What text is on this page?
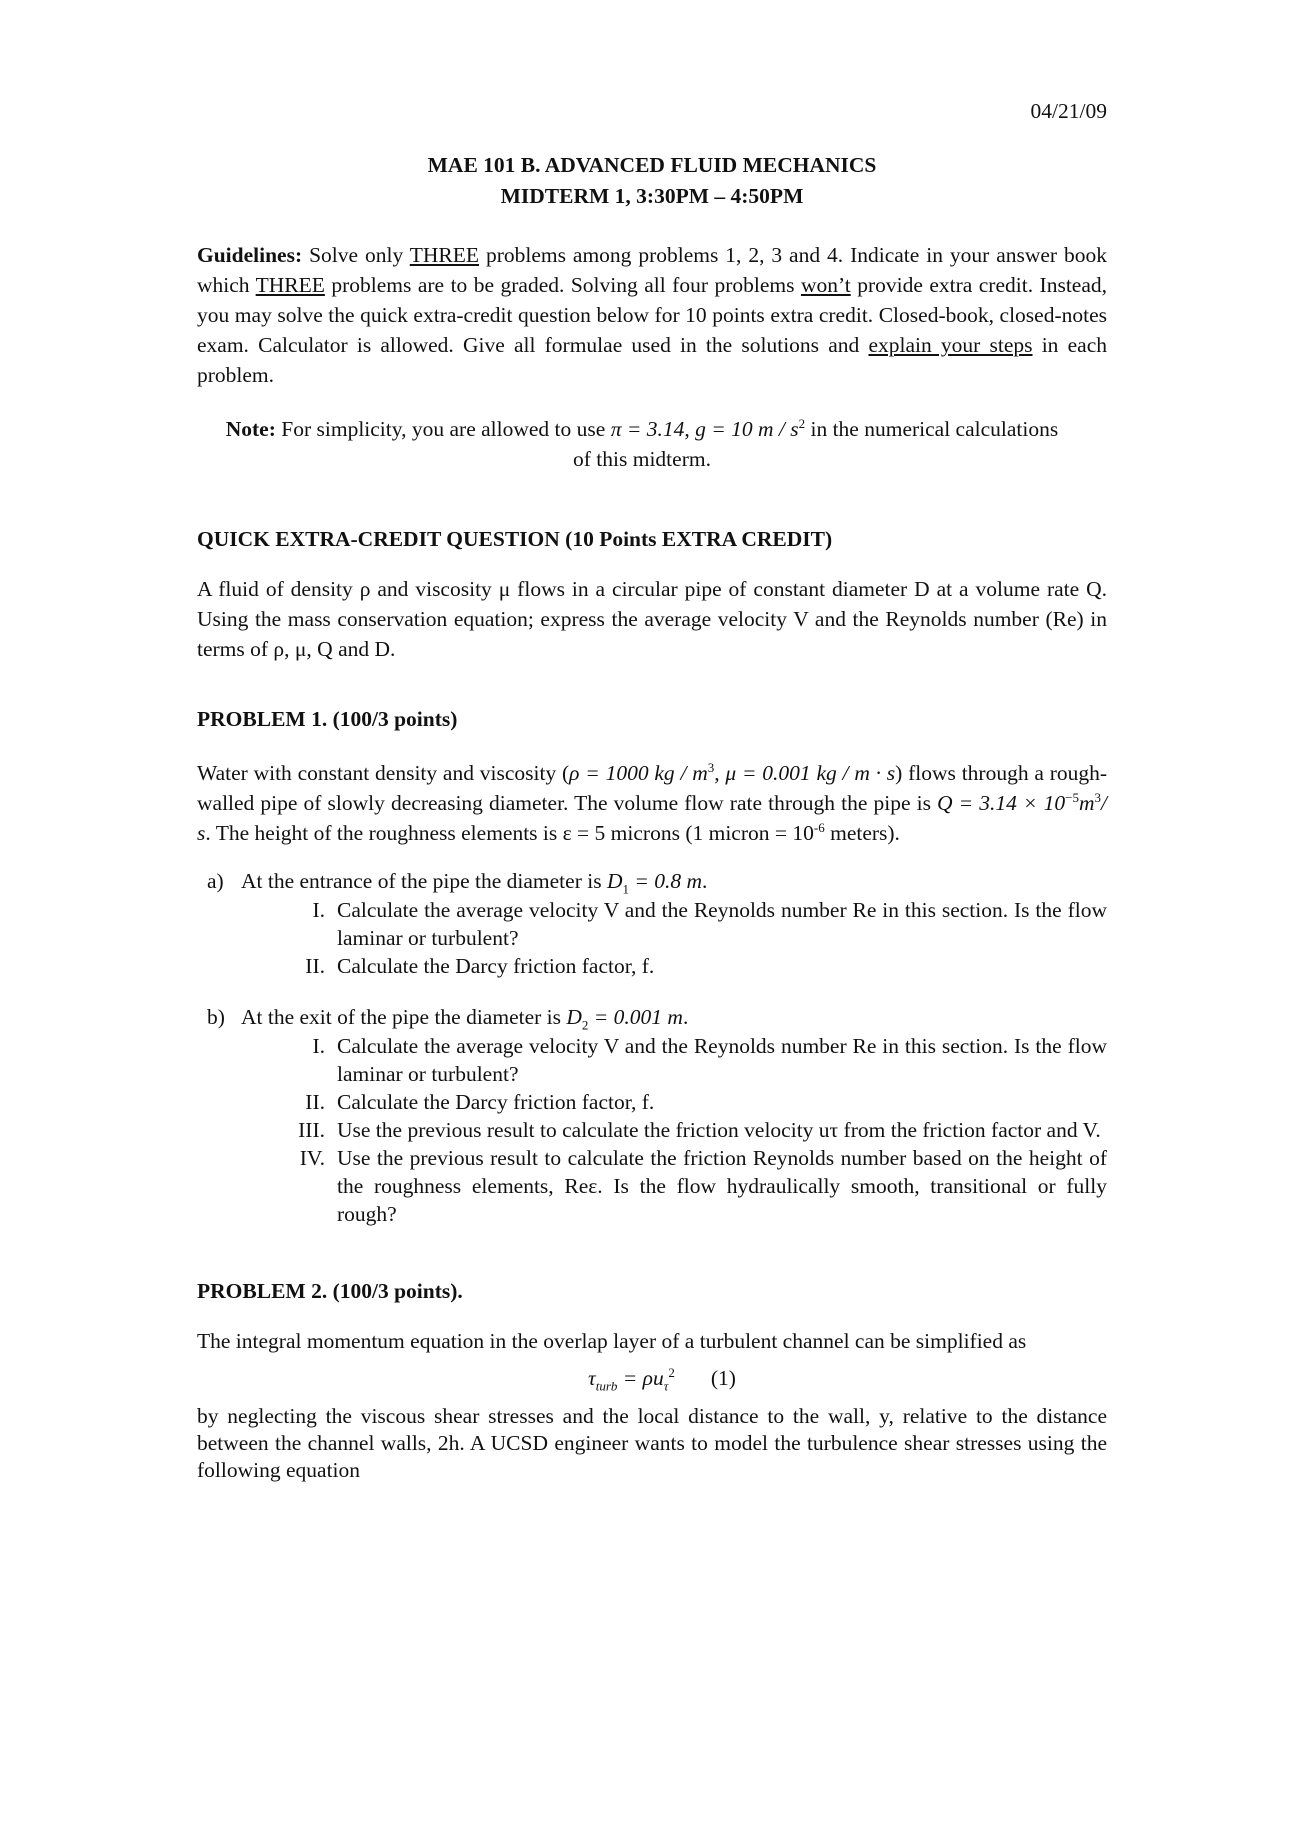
04/21/09

MAE 101 B. ADVANCED FLUID MECHANICS

MIDTERM 1, 3:30PM – 4:50PM

Guidelines: Solve only THREE problems among problems 1, 2, 3 and 4. Indicate in your answer book which THREE problems are to be graded. Solving all four problems won’t provide extra credit. Instead, you may solve the quick extra-credit question below for 10 points extra credit. Closed-book, closed-notes exam. Calculator is allowed. Give all formulae used in the solutions and explain your steps in each problem.

Note: For simplicity, you are allowed to use π = 3.14, g = 10 m / $s^2$ in the numerical calculations of this midterm.

QUICK EXTRA-CREDIT QUESTION (10 Points EXTRA CREDIT)

A fluid of density ρ and viscosity μ flows in a circular pipe of constant diameter D at a volume rate Q. Using the mass conservation equation; express the average velocity V and the Reynolds number (Re) in terms of ρ, μ, Q and D.

PROBLEM 1. (100/3 points)

Water with constant density and viscosity (ρ = 1000 kg / $m^3$, μ = 0.001 kg / m · s) flows through a rough-walled pipe of slowly decreasing diameter. The volume flow rate through the pipe is $Q = 3.14 \times 10^{-5}m^3/$ s. The height of the roughness elements is ε = 5 microns (1 micron = $10^{-6}$ meters).

a) At the entrance of the pipe the diameter is $D_1 = 0.8$ m.

I. Calculate the average velocity V and the Reynolds number Re in this section. Is the flow laminar or turbulent?

II. Calculate the Darcy friction factor, f.

b) At the exit of the pipe the diameter is $D_2 = 0.001$ m.

I. Calculate the average velocity V and the Reynolds number Re in this section. Is the flow laminar or turbulent?

II. Calculate the Darcy friction factor, f.

III. Use the previous result to calculate the friction velocity uτ from the friction factor and V.

IV. Use the previous result to calculate the friction Reynolds number based on the height of the roughness elements, Reε. Is the flow hydraulically smooth, transitional or fully rough?

PROBLEM 2. (100/3 points).

The integral momentum equation in the overlap layer of a turbulent channel can be simplified as

$\tau_{turb} = \rho u_\tau^2$ (1)

by neglecting the viscous shear stresses and the local distance to the wall, y, relative to the distance between the channel walls, 2h. A UCSD engineer wants to model the turbulence shear stresses using the following equation
